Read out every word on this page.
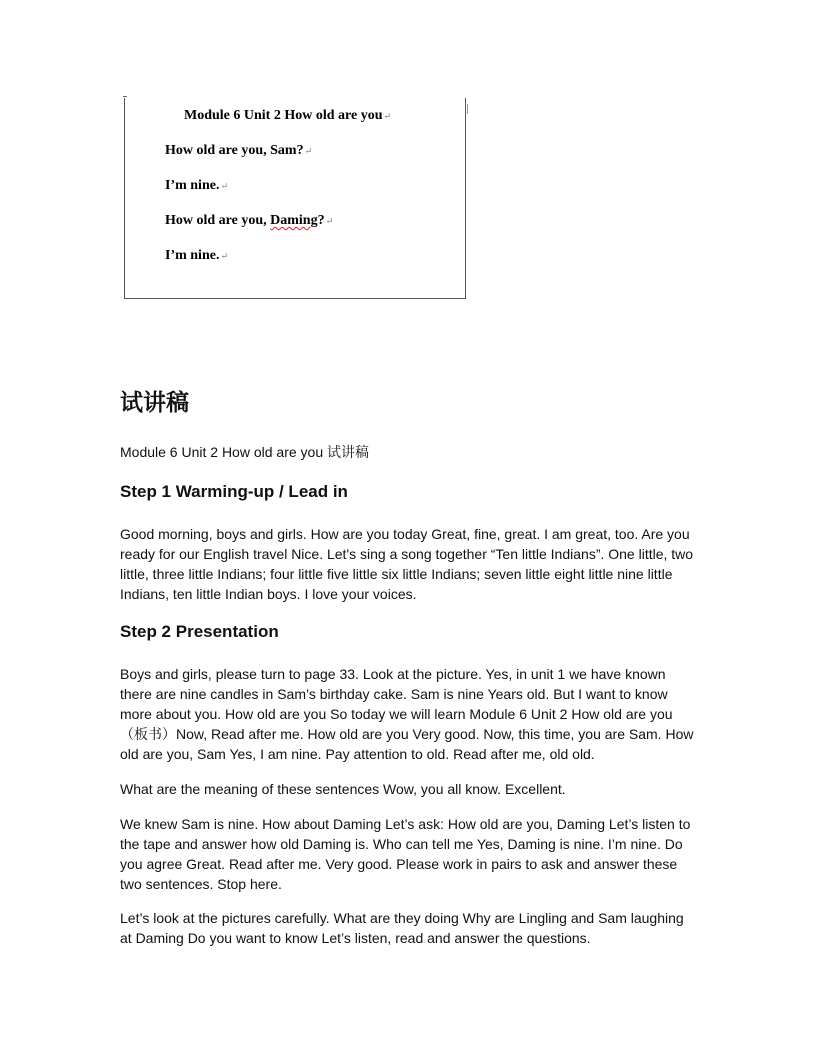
Module 6 Unit 2 How old are you↵
How old are you, Sam?↵
I’m nine.↵
How old are you, Daming?↵
I’m nine.↵
试讲稿

Module 6 Unit 2 How old are you 试讲稿

Step 1 Warming-up / Lead in

Good morning, boys and girls. How are you today Great, fine, great. I am great, too. Are you ready for our English travel Nice. Let's sing a song together “Ten little Indians”. One little, two little, three little Indians; four little five little six little Indians; seven little eight little nine little Indians, ten little Indian boys. I love your voices.

Step 2 Presentation

Boys and girls, please turn to page 33. Look at the picture. Yes, in unit 1 we have known there are nine candles in Sam’s birthday cake. Sam is nine Years old. But I want to know more about you. How old are you So today we will learn Module 6 Unit 2 How old are you （板书）Now, Read after me. How old are you Very good. Now, this time, you are Sam. How old are you, Sam Yes, I am nine. Pay attention to old. Read after me, old old.

What are the meaning of these sentences Wow, you all know. Excellent.

We knew Sam is nine. How about Daming Let’s ask: How old are you, Daming Let’s listen to the tape and answer how old Daming is. Who can tell me Yes, Daming is nine. I’m nine. Do you agree Great. Read after me. Very good. Please work in pairs to ask and answer these two sentences. Stop here.

Let’s look at the pictures carefully. What are they doing Why are Lingling and Sam laughing at Daming Do you want to know Let’s listen, read and answer the questions.
